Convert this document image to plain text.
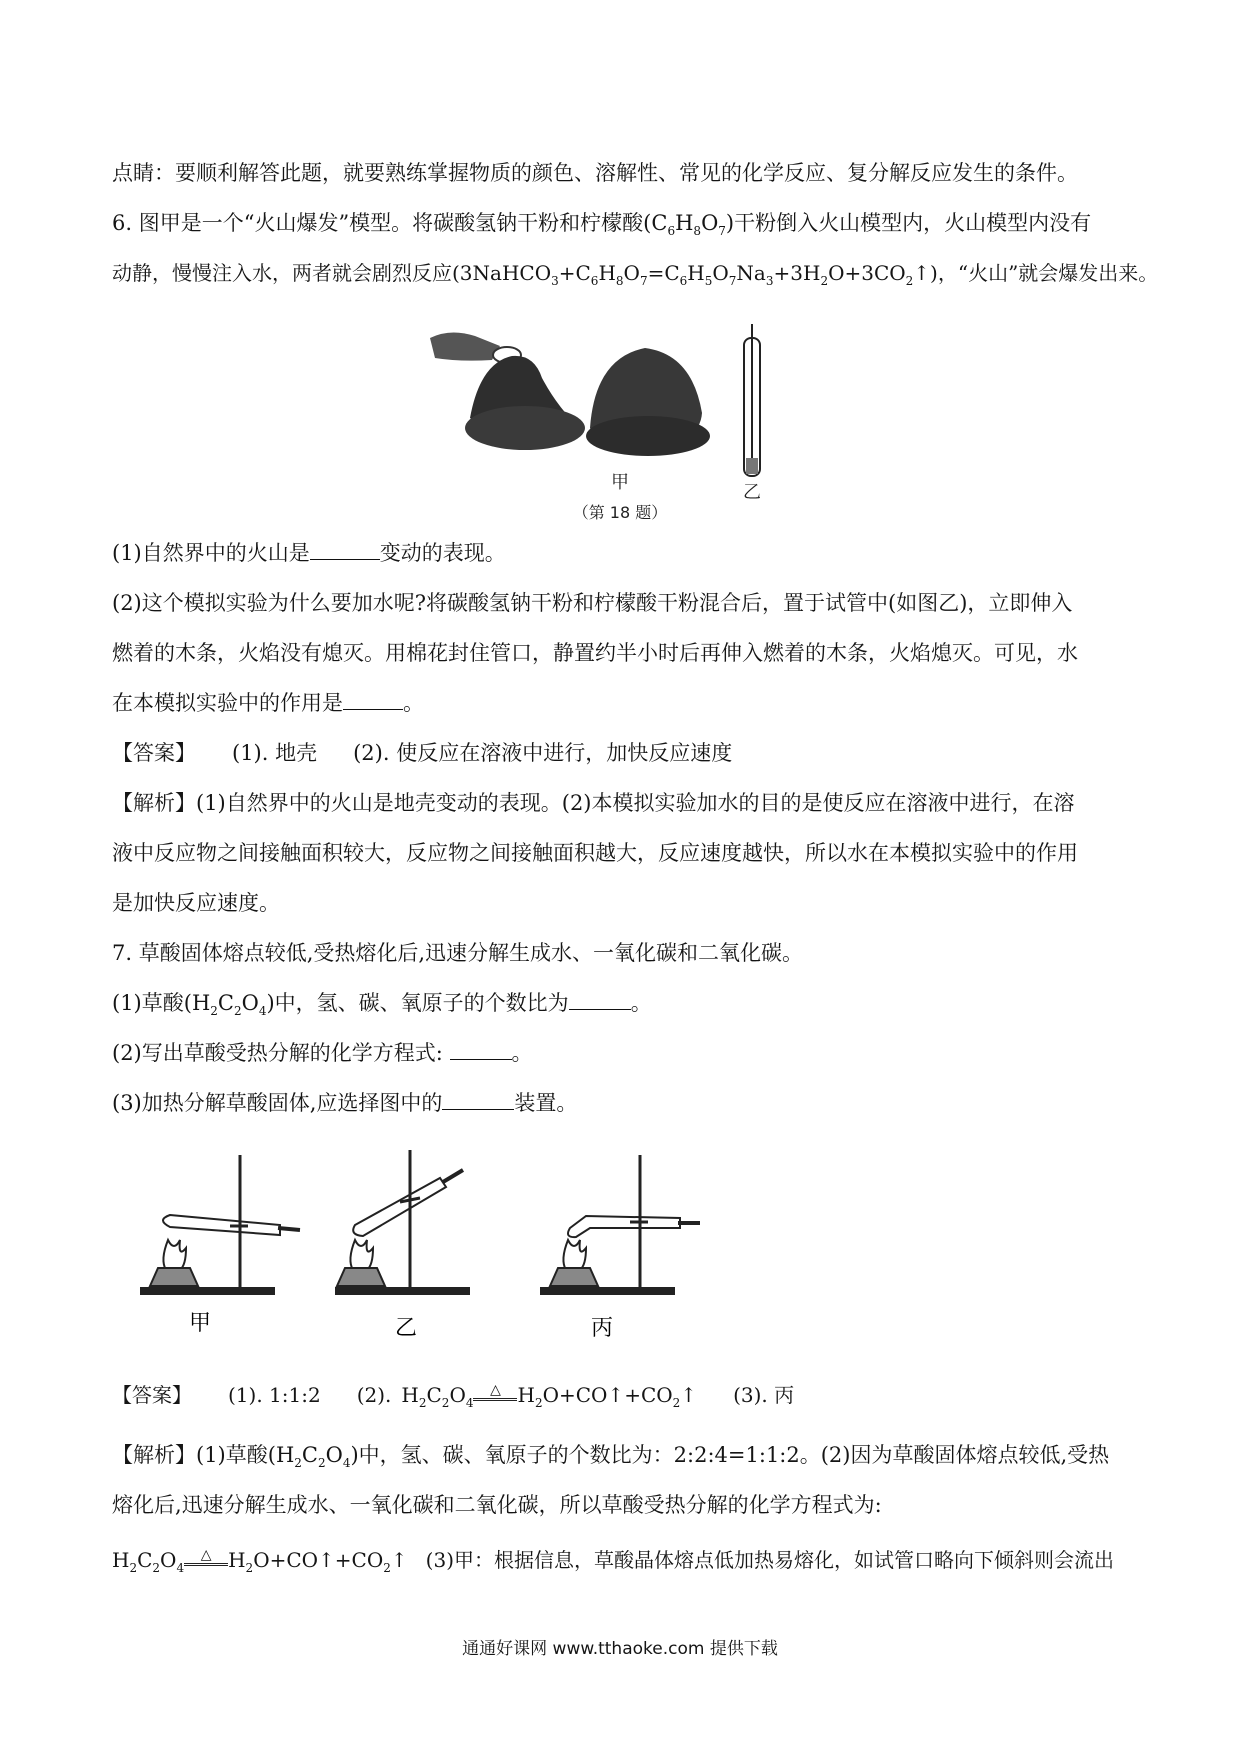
点睛：要顺利解答此题，就要熟练掌握物质的颜色、溶解性、常见的化学反应、复分解反应发生的条件。
6. 图甲是一个“火山爆发”模型。将碳酸氢钠干粉和柠檬酸$(C_6H_8O_7)$干粉倒入火山模型内，火山模型内没有
动静，慢慢注入水，两者就会剧烈反应$(3NaHCO_3+C_6H_8O_7=C_6H_5O_7Na_3+3H_2O+3CO_2↑)$，“火山”就会爆发出来。
甲	乙
（第 18 题）
(1)自然界中的火山是	变动的表现。
(2)这个模拟实验为什么要加水呢?将碳酸氢钠干粉和柠檬酸干粉混合后，置于试管中(如图乙)，立即伸入
燃着的木条，火焰没有熄灭。用棉花封住管口，静置约半小时后再伸入燃着的木条，火焰熄灭。可见，水
在本模拟实验中的作用是	。
【答案】 (1). 地壳 (2). 使反应在溶液中进行，加快反应速度
【解析】(1)自然界中的火山是地壳变动的表现。(2)本模拟实验加水的目的是使反应在溶液中进行，在溶
液中反应物之间接触面积较大，反应物之间接触面积越大，反应速度越快，所以水在本模拟实验中的作用
是加快反应速度。
7. 草酸固体熔点较低,受热熔化后,迅速分解生成水、一氧化碳和二氧化碳。
(1)草酸$(H_2C_2O_4)$中，氢、碳、氧原子的个数比为	。
(2)写出草酸受热分解的化学方程式:	。
(3)加热分解草酸固体,应选择图中的	装置。
甲	乙	丙
【答案】 (1). 1:1:2 (2). $H_2C_2O_4\triangle$ $H_2O+CO↑+CO_2↑$ (3). 丙
【解析】(1)草酸$(H_2C_2O_4)$中，氢、碳、氧原子的个数比为：2:2:4=1:1:2。(2)因为草酸固体熔点较低,受热
熔化后,迅速分解生成水、一氧化碳和二氧化碳，所以草酸受热分解的化学方程式为:
$H_2C_2O_4\triangle$ $H_2O+CO↑+CO_2↑$ (3)甲：根据信息，草酸晶体熔点低加热易熔化，如试管口略向下倾斜则会流出
通通好课网 www.tthaoke.com 提供下载
